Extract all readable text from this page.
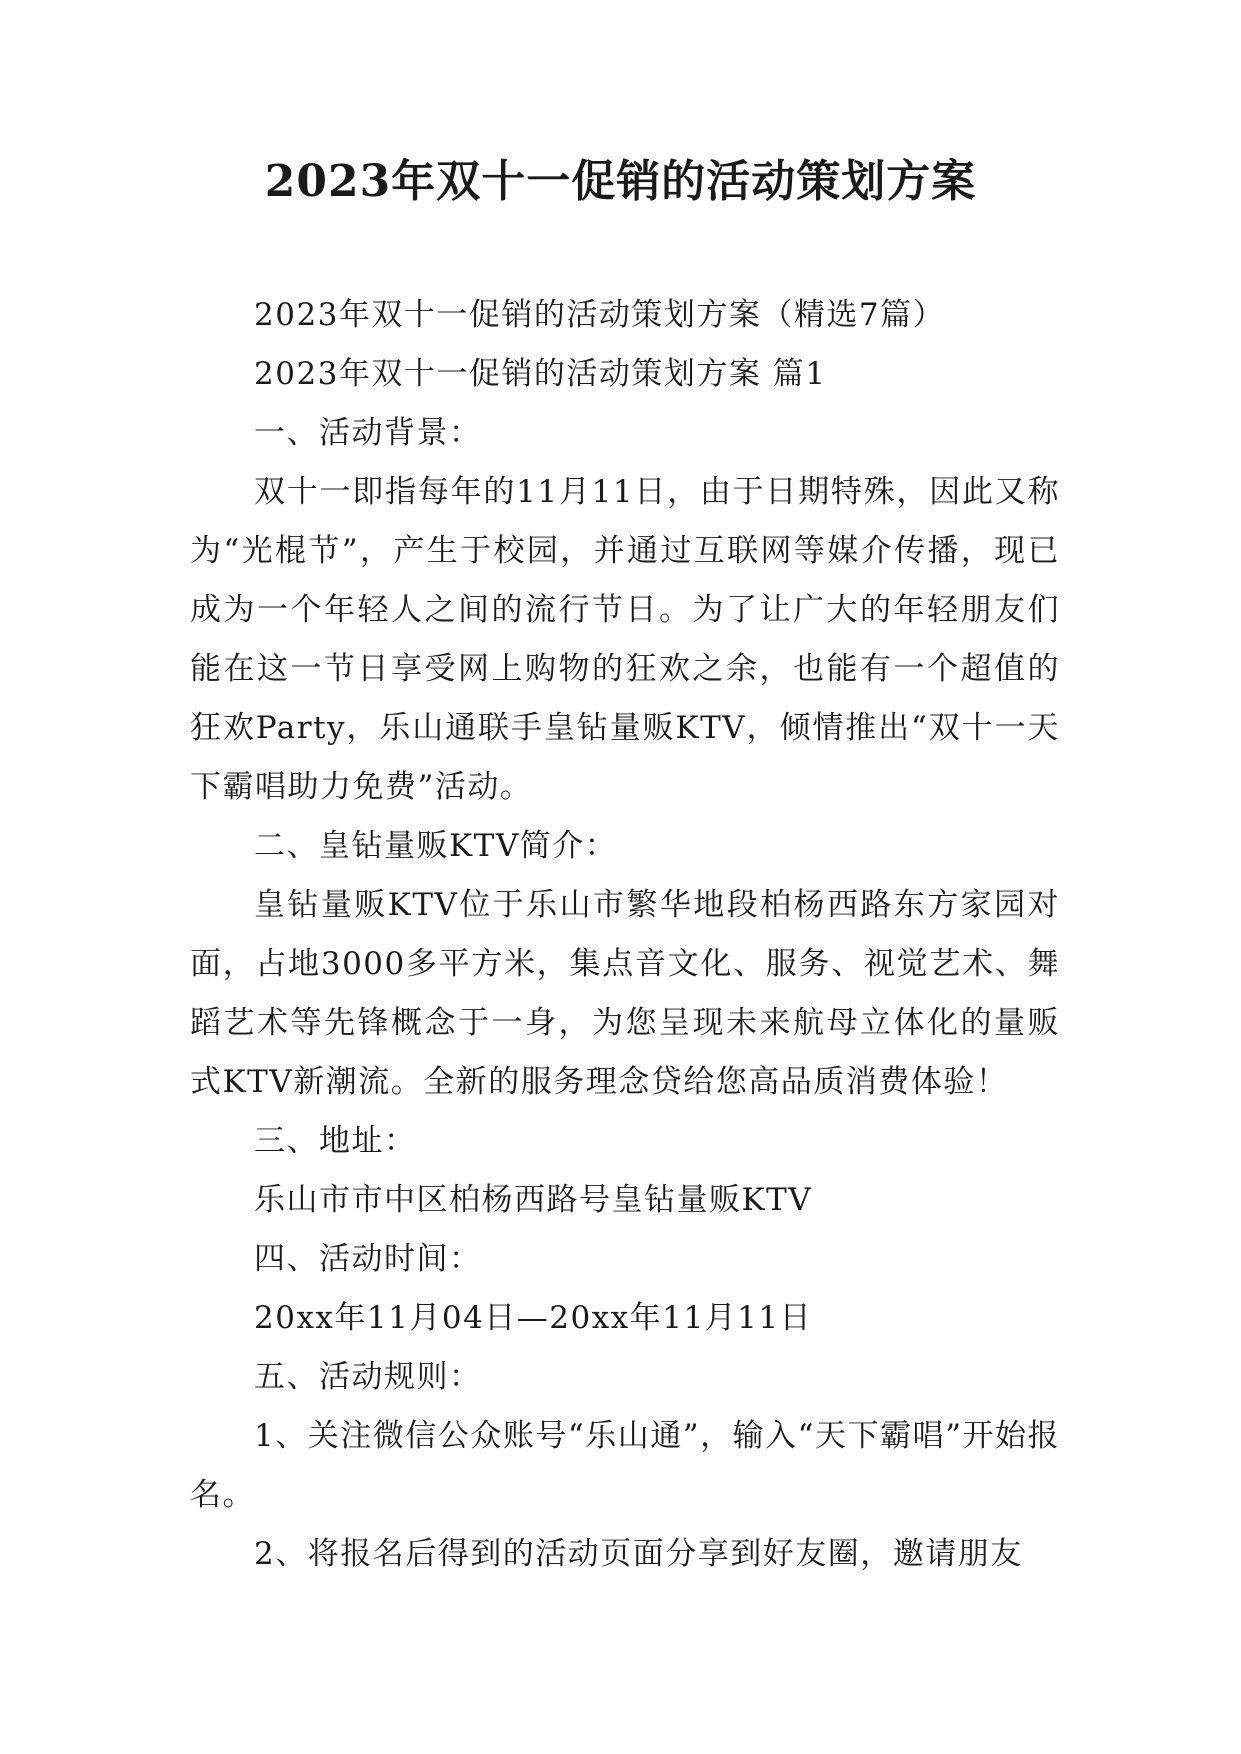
2023年双十一促销的活动策划方案

2023年双十一促销的活动策划方案（精选7篇）

2023年双十一促销的活动策划方案 篇1

一、活动背景：

双十一即指每年的11月11日，由于日期特殊，因此又称为“光棍节”，产生于校园，并通过互联网等媒介传播，现已成为一个年轻人之间的流行节日。为了让广大的年轻朋友们能在这一节日享受网上购物的狂欢之余，也能有一个超值的狂欢Party，乐山通联手皇钻量贩KTV，倾情推出“双十一天下霸唱助力免费”活动。

二、皇钻量贩KTV简介：

皇钻量贩KTV位于乐山市繁华地段柏杨西路东方家园对面，占地3000多平方米，集点音文化、服务、视觉艺术、舞蹈艺术等先锋概念于一身，为您呈现未来航母立体化的量贩式KTV新潮流。全新的服务理念贷给您高品质消费体验！

三、地址：

乐山市市中区柏杨西路号皇钻量贩KTV

四、活动时间：

20xx年11月04日—20xx年11月11日

五、活动规则：

1、关注微信公众账号“乐山通”，输入“天下霸唱”开始报名。

2、将报名后得到的活动页面分享到好友圈，邀请朋友
